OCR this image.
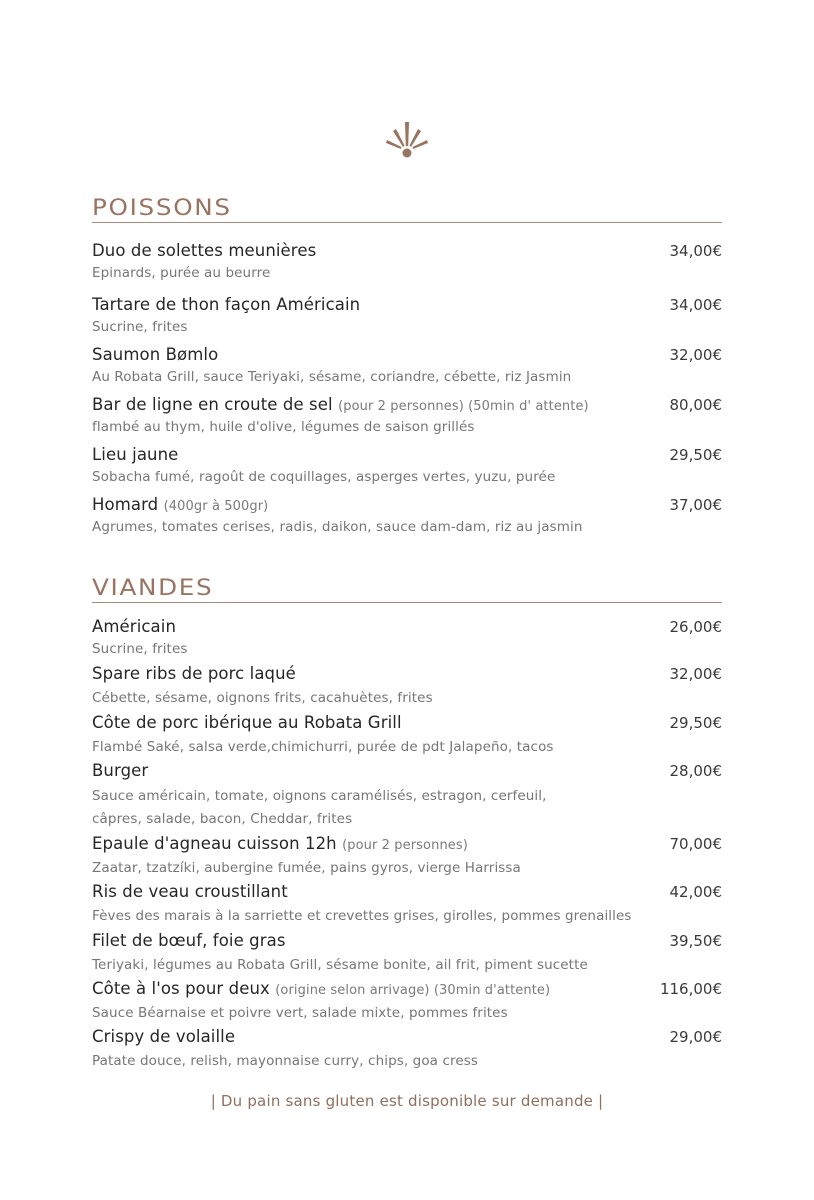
POISSONS
Duo de solettes meunières	34,00€
Epinards, purée au beurre
Tartare de thon façon Américain	34,00€
Sucrine, frites
Saumon Bømlo	32,00€
Au Robata Grill, sauce Teriyaki, sésame, coriandre, cébette, riz Jasmin
Bar de ligne en croute de sel (pour 2 personnes) (50min d' attente)	80,00€
flambé au thym, huile d'olive, légumes de saison grillés
Lieu jaune	29,50€
Sobacha fumé, ragoût de coquillages, asperges vertes, yuzu, purée
Homard (400gr à 500gr)	37,00€
Agrumes, tomates cerises, radis, daikon, sauce dam-dam, riz au jasmin
VIANDES
Américain	26,00€
Sucrine, frites
Spare ribs de porc laqué	32,00€
Cébette, sésame, oignons frits, cacahuètes, frites
Côte de porc ibérique au Robata Grill	29,50€
Flambé Saké, salsa verde,chimichurri, purée de pdt Jalapeño, tacos
Burger	28,00€
Sauce américain, tomate, oignons caramélisés, estragon, cerfeuil,
câpres, salade, bacon, Cheddar, frites
Epaule d'agneau cuisson 12h (pour 2 personnes)	70,00€
Zaatar, tzatzíki, aubergine fumée, pains gyros, vierge Harrissa
Ris de veau croustillant	42,00€
Fèves des marais à la sarriette et crevettes grises, girolles, pommes grenailles
Filet de bœuf, foie gras	39,50€
Teriyaki, légumes au Robata Grill, sésame bonite, ail frit, piment sucette
Côte à l'os pour deux (origine selon arrivage) (30min d'attente)	116,00€
Sauce Béarnaise et poivre vert, salade mixte, pommes frites
Crispy de volaille	29,00€
Patate douce, relish, mayonnaise curry, chips, goa cress
| Du pain sans gluten est disponible sur demande |
